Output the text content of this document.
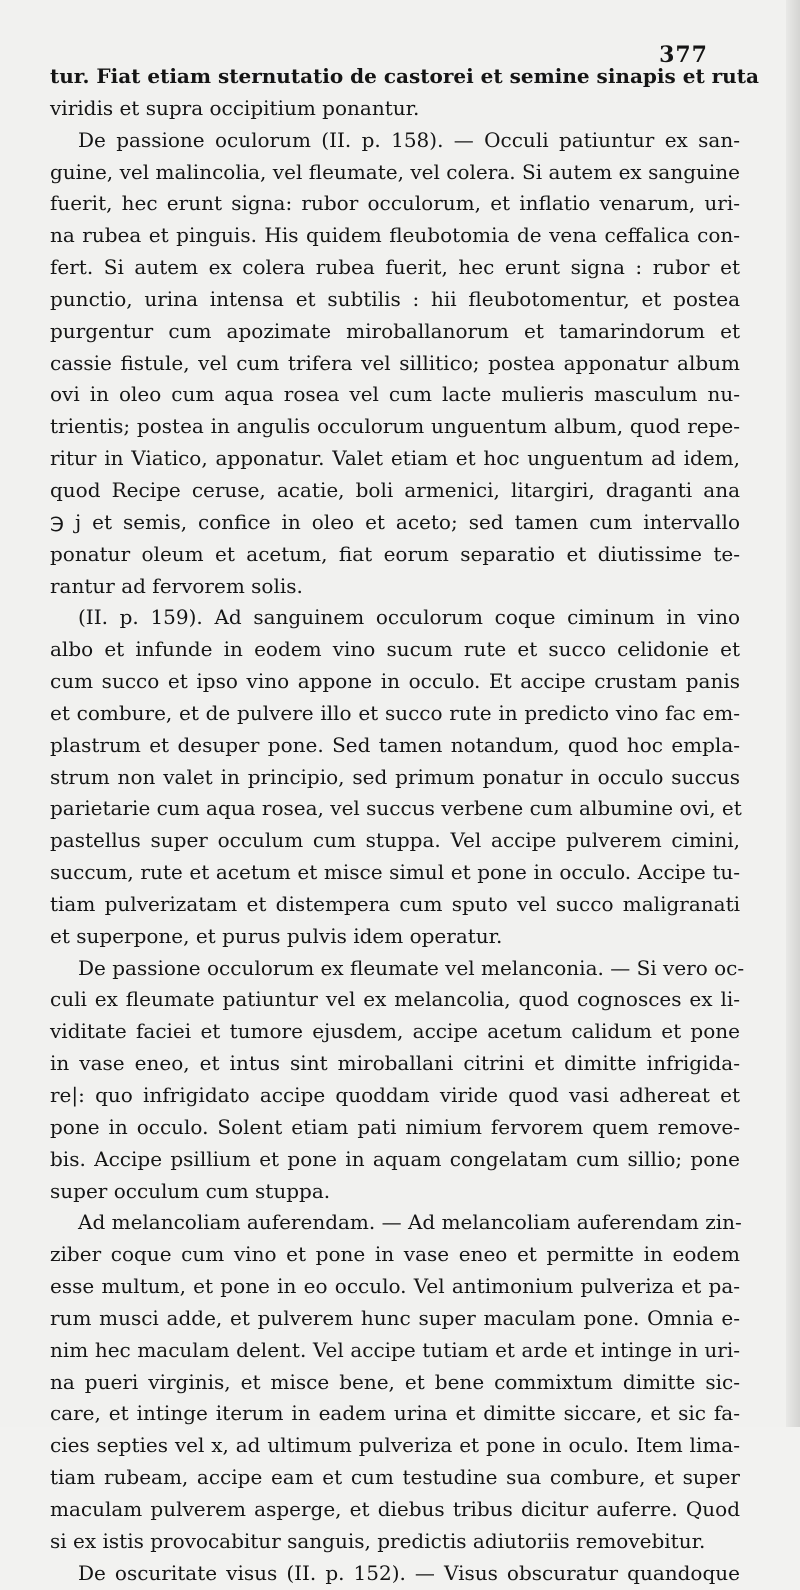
377
tur. Fiat etiam sternutatio de castorei et semine sinapis et ruta
viridis et supra occipitium ponantur.
De passione oculorum (II. p. 158). — Occuli patiuntur ex san-
guine, vel malincolia, vel fleumate, vel colera. Si autem ex sanguine
fuerit, hec erunt signa: rubor occulorum, et inflatio venarum, uri-
na rubea et pinguis. His quidem fleubotomia de vena ceffalica con-
fert. Si autem ex colera rubea fuerit, hec erunt signa : rubor et
punctio, urina intensa et subtilis : hii fleubotomentur, et postea
purgentur cum apozimate miroballanorum et tamarindorum et
cassie fistule, vel cum trifera vel sillitico; postea apponatur album
ovi in oleo cum aqua rosea vel cum lacte mulieris masculum nu-
trientis; postea in angulis occulorum unguentum album, quod repe-
ritur in Viatico, apponatur. Valet etiam et hoc unguentum ad idem,
quod Recipe ceruse, acatie, boli armenici, litargiri, draganti ana
℈ j et semis, confice in oleo et aceto; sed tamen cum intervallo
ponatur oleum et acetum, fiat eorum separatio et diutissime te-
rantur ad fervorem solis.
(II. p. 159). Ad sanguinem occulorum coque ciminum in vino
albo et infunde in eodem vino sucum rute et succo celidonie et
cum succo et ipso vino appone in occulo. Et accipe crustam panis
et combure, et de pulvere illo et succo rute in predicto vino fac em-
plastrum et desuper pone. Sed tamen notandum, quod hoc empla-
strum non valet in principio, sed primum ponatur in occulo succus
parietarie cum aqua rosea, vel succus verbene cum albumine ovi, et
pastellus super occulum cum stuppa. Vel accipe pulverem cimini,
succum, rute et acetum et misce simul et pone in occulo. Accipe tu-
tiam pulverizatam et distempera cum sputo vel succo maligranati
et superpone, et purus pulvis idem operatur.
De passione occulorum ex fleumate vel melanconia. — Si vero oc-
culi ex fleumate patiuntur vel ex melancolia, quod cognosces ex li-
viditate faciei et tumore ejusdem, accipe acetum calidum et pone
in vase eneo, et intus sint miroballani citrini et dimitte infrigida-
re|: quo infrigidato accipe quoddam viride quod vasi adhereat et
pone in occulo. Solent etiam pati nimium fervorem quem remove-
bis. Accipe psillium et pone in aquam congelatam cum sillio; pone
super occulum cum stuppa.
Ad melancoliam auferendam. — Ad melancoliam auferendam zin-
ziber coque cum vino et pone in vase eneo et permitte in eodem
esse multum, et pone in eo occulo. Vel antimonium pulveriza et pa-
rum musci adde, et pulverem hunc super maculam pone. Omnia e-
nim hec maculam delent. Vel accipe tutiam et arde et intinge in uri-
na pueri virginis, et misce bene, et bene commixtum dimitte sic-
care, et intinge iterum in eadem urina et dimitte siccare, et sic fa-
cies septies vel x, ad ultimum pulveriza et pone in oculo. Item lima-
tiam rubeam, accipe eam et cum testudine sua combure, et super
maculam pulverem asperge, et diebus tribus dicitur auferre. Quod
si ex istis provocabitur sanguis, predictis adiutoriis removebitur.
De oscuritate visus (II. p. 152). — Visus obscuratur quandoque
